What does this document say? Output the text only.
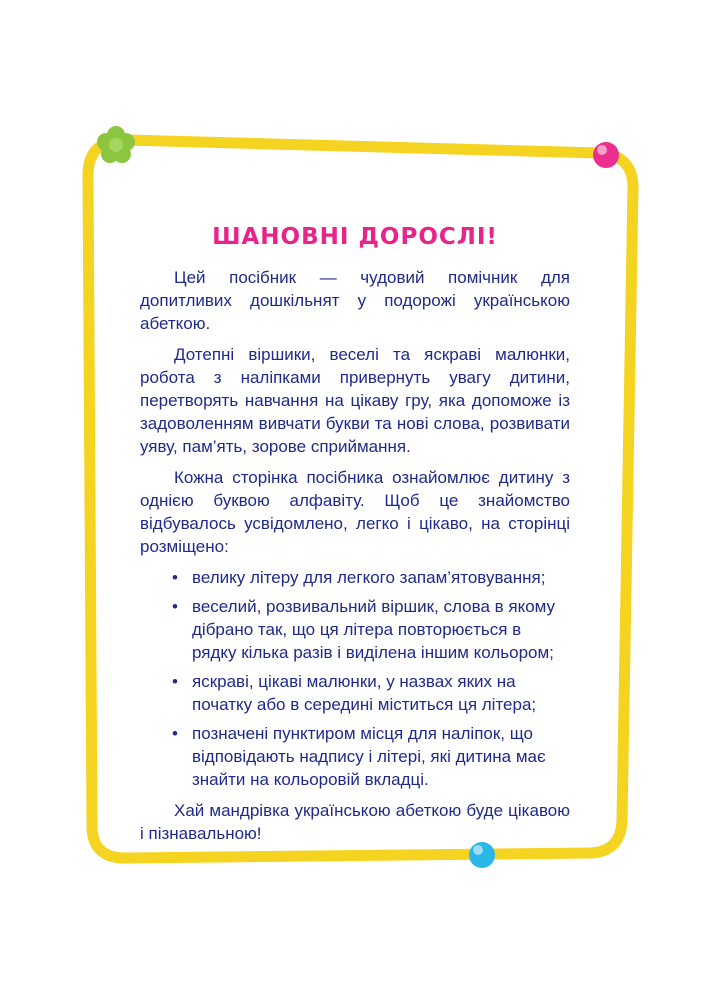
ШАНОВНІ ДОРОСЛІ!

Цей посібник — чудовий помічник для допитливих дошкільнят у подорожі українською абеткою.

Дотепні віршики, веселі та яскраві малюнки, робота з наліпками привернуть увагу дитини, перетворять навчання на цікаву гру, яка допоможе із задоволенням вивчати букви та нові слова, розвивати уяву, пам’ять, зорове сприймання.

Кожна сторінка посібника ознайомлює дитину з однією буквою алфавіту. Щоб це знайомство відбувалось усвідомлено, легко і цікаво, на сторінці розміщено:

• велику літеру для легкого запам’ятовування;
• веселий, розвивальний віршик, слова в якому дібрано так, що ця літера повторюється в рядку кілька разів і виділена іншим кольором;
• яскраві, цікаві малюнки, у назвах яких на початку або в середині міститься ця літера;
• позначені пунктиром місця для наліпок, що відповідають надпису і літері, які дитина має знайти на кольоровій вкладці.

Хай мандрівка українською абеткою буде цікавою і пізнавальною!
